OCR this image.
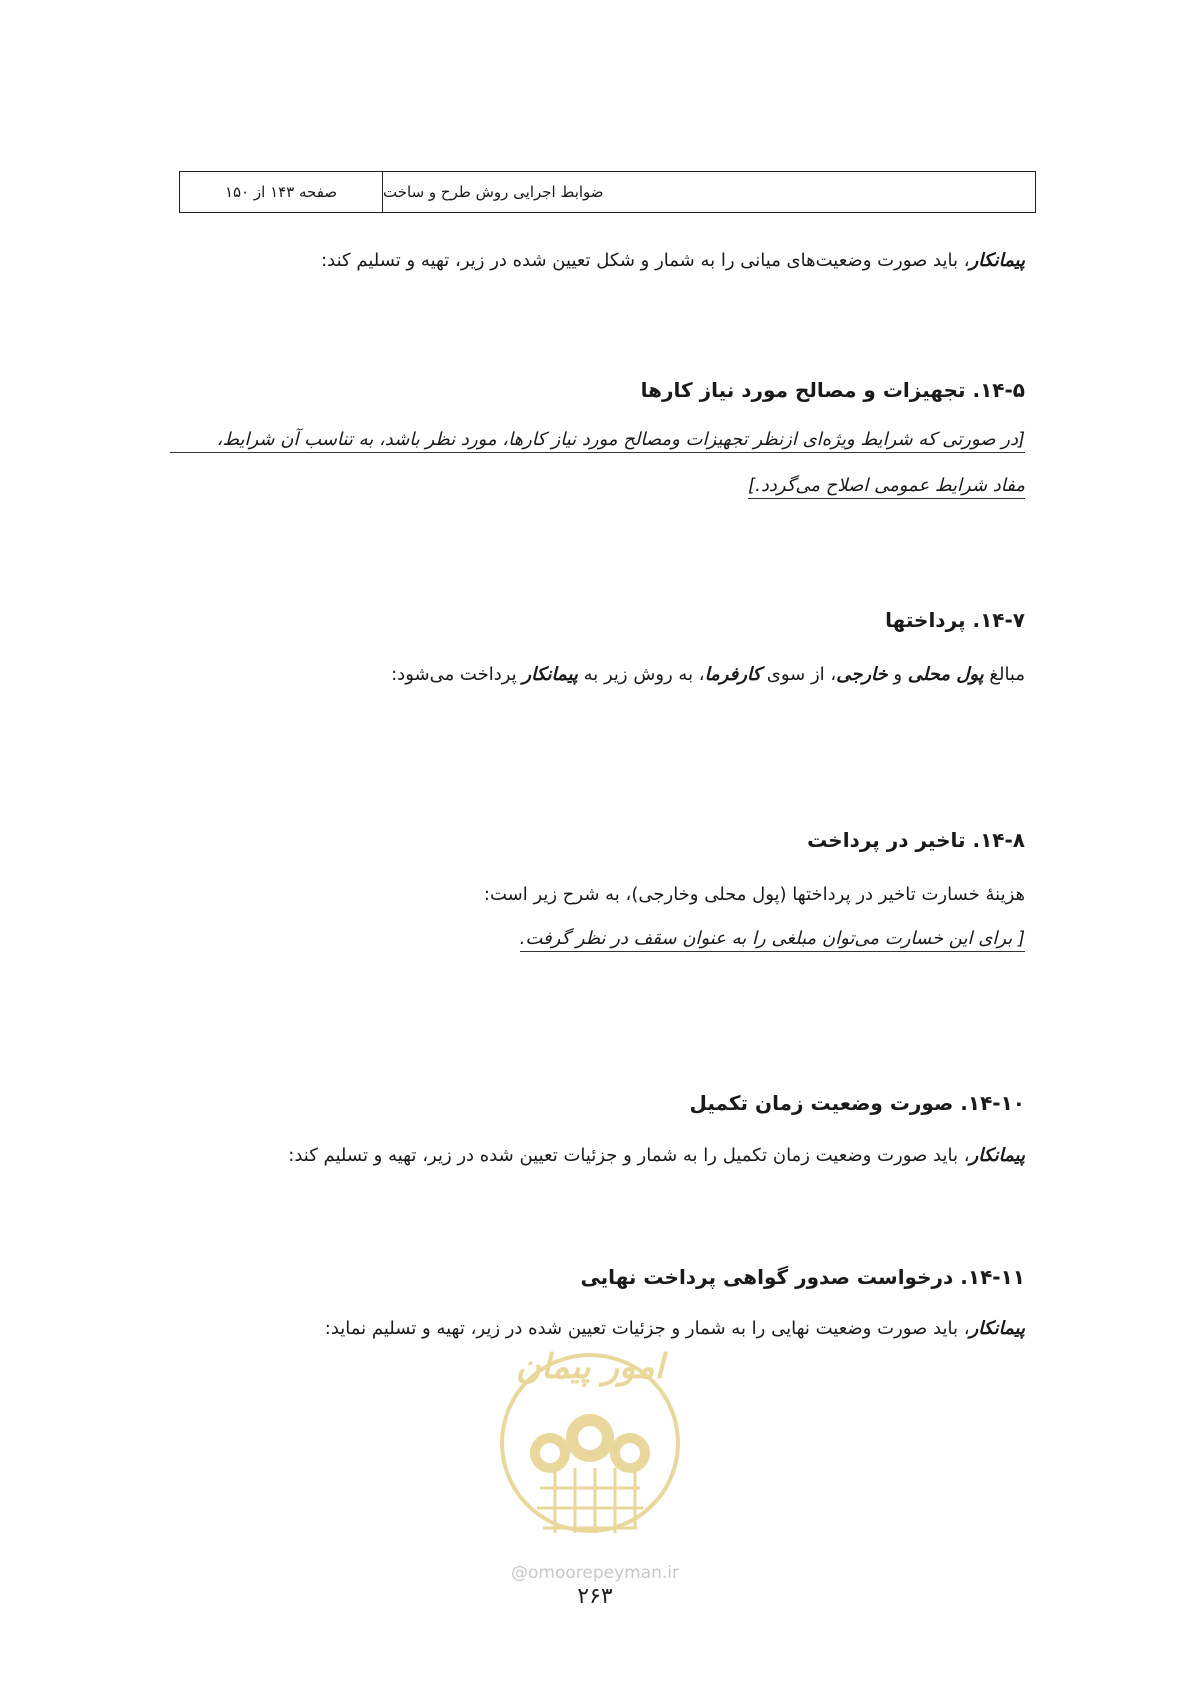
صفحه ۱۴۳ از ۱۵۰	ضوابط اجرایی روش طرح و ساخت
پیمانکار، باید صورت وضعیت‌های میانی را به شمار و شکل تعیین شده در زیر، تهیه و تسلیم کند:
۱۴-۵. تجهیزات و مصالح مورد نیاز کارها
[در صورتی که شرایط ویژه‌ای ازنظر تجهیزات ومصالح مورد نیاز کارها، مورد نظر باشد، به تناسب آن شرایط،
مفاد شرایط عمومی اصلاح می‌گردد.]
۱۴-۷. پرداختها
مبالغ پول محلی و خارجی، از سوی کارفرما، به روش زیر به پیمانکار پرداخت می‌شود:
۱۴-۸. تاخیر در پرداخت
هزینهٔ خسارت تاخیر در پرداختها (پول محلی وخارجی)، به شرح زیر است:
[ برای این خسارت می‌توان مبلغی را به عنوان سقف در نظر گرفت.
۱۴-۱۰. صورت وضعیت زمان تکمیل
پیمانکار، باید صورت وضعیت زمان تکمیل را به شمار و جزئیات تعیین شده در زیر، تهیه و تسلیم کند:
۱۴-۱۱. درخواست صدور گواهی پرداخت نهایی
پیمانکار، باید صورت وضعیت نهایی را به شمار و جزئیات تعیین شده در زیر، تهیه و تسلیم نماید:
امور پیمان
@omoorepeyman.ir
۲۶۳
